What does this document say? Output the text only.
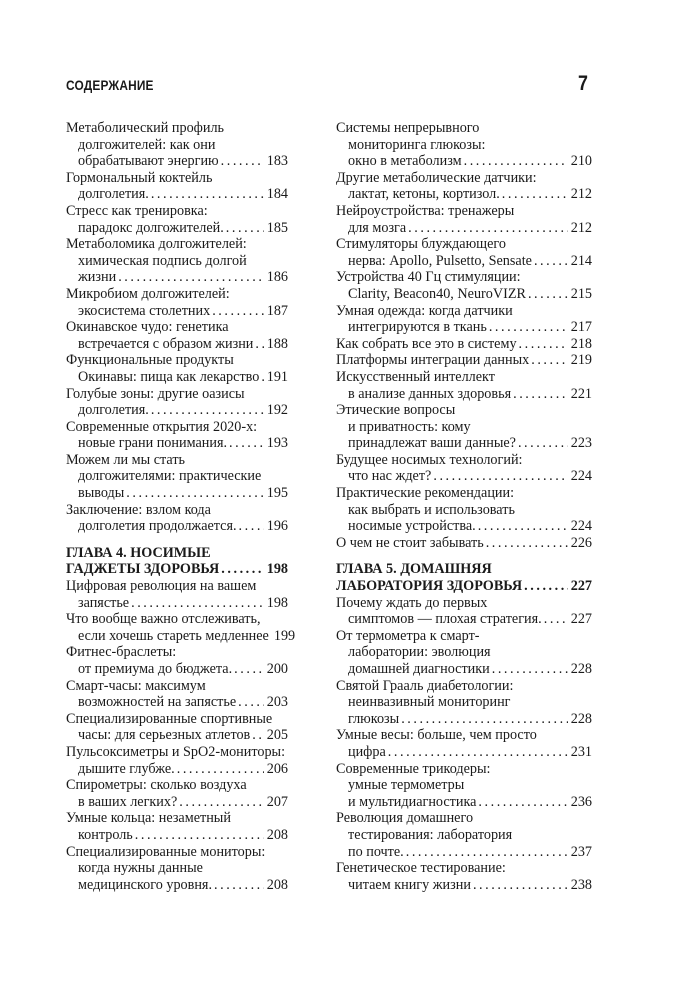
СОДЕРЖАНИЕ	7
Метаболический профиль
долгожителей: как они
обрабатывают энергию . . .	183
Гормональный коктейль
долголетия. . . .	184
Стресс как тренировка:
парадокс долгожителей. . . .	185
Метаболомика долгожителей:
химическая подпись долгой
жизни . . .	186
Микробиом долгожителей:
экосистема столетних . . .	187
Окинавское чудо: генетика
встречается с образом жизни . . . 188
Функциональные продукты
Окинавы: пища как лекарство . . . 191
Голубые зоны: другие оазисы
долголетия. . . .	192
Современные открытия 2020-х:
новые грани понимания. . . .	193
Можем ли мы стать
долгожителями: практические
выводы . . .	195
Заключение: взлом кода
долголетия продолжается. . . . 196
ГЛАВА 4. НОСИМЫЕ
ГАДЖЕТЫ ЗДОРОВЬЯ . . .	198
Цифровая революция на вашем
запястье . . .	198
Что вообще важно отслеживать,
если хочешь стареть медленнее 199
Фитнес-браслеты:
от премиума до бюджета. . . . 200
Смарт-часы: максимум
возможностей на запястье . . . 203
Специализированные спортивные
часы: для серьезных атлетов . . . 205
Пульсоксиметры и SpO2-мониторы:
дышите глубже. . . .	206
Спирометры: сколько воздуха
в ваших легких? . . .	207
Умные кольца: незаметный
контроль . . .	208
Специализированные мониторы:
когда нужны данные
медицинского уровня. . . .	208
Системы непрерывного
мониторинга глюкозы:
окно в метаболизм . . .	210
Другие метаболические датчики:
лактат, кетоны, кортизол. . . .	212
Нейроустройства: тренажеры
для мозга . . .	212
Стимуляторы блуждающего
нерва: Apollo, Pulsetto, Sensate . . .	214
Устройства 40 Гц стимуляции:
Clarity, Beacon40, NeuroVIZR . . .	215
Умная одежда: когда датчики
интегрируются в ткань . . .	217
Как собрать все это в систему . . .	218
Платформы интеграции данных . . .	219
Искусственный интеллект
в анализе данных здоровья . . .	221
Этические вопросы
и приватность: кому
принадлежат ваши данные? . . .	223
Будущее носимых технологий:
что нас ждет? . . .	224
Практические рекомендации:
как выбрать и использовать
носимые устройства. . . .	224
О чем не стоит забывать . . .	226
ГЛАВА 5. ДОМАШНЯЯ
ЛАБОРАТОРИЯ ЗДОРОВЬЯ . . .	227
Почему ждать до первых
симптомов — плохая стратегия. . . . 227
От термометра к смарт-
лаборатории: эволюция
домашней диагностики . . .	228
Святой Грааль диабетологии:
неинвазивный мониторинг
глюкозы . . .	228
Умные весы: больше, чем просто
цифра . . .	231
Современные трикодеры:
умные термометры
и мультидиагностика . . .	236
Революция домашнего
тестирования: лаборатория
по почте. . . .	237
Генетическое тестирование:
читаем книгу жизни . . .	238
